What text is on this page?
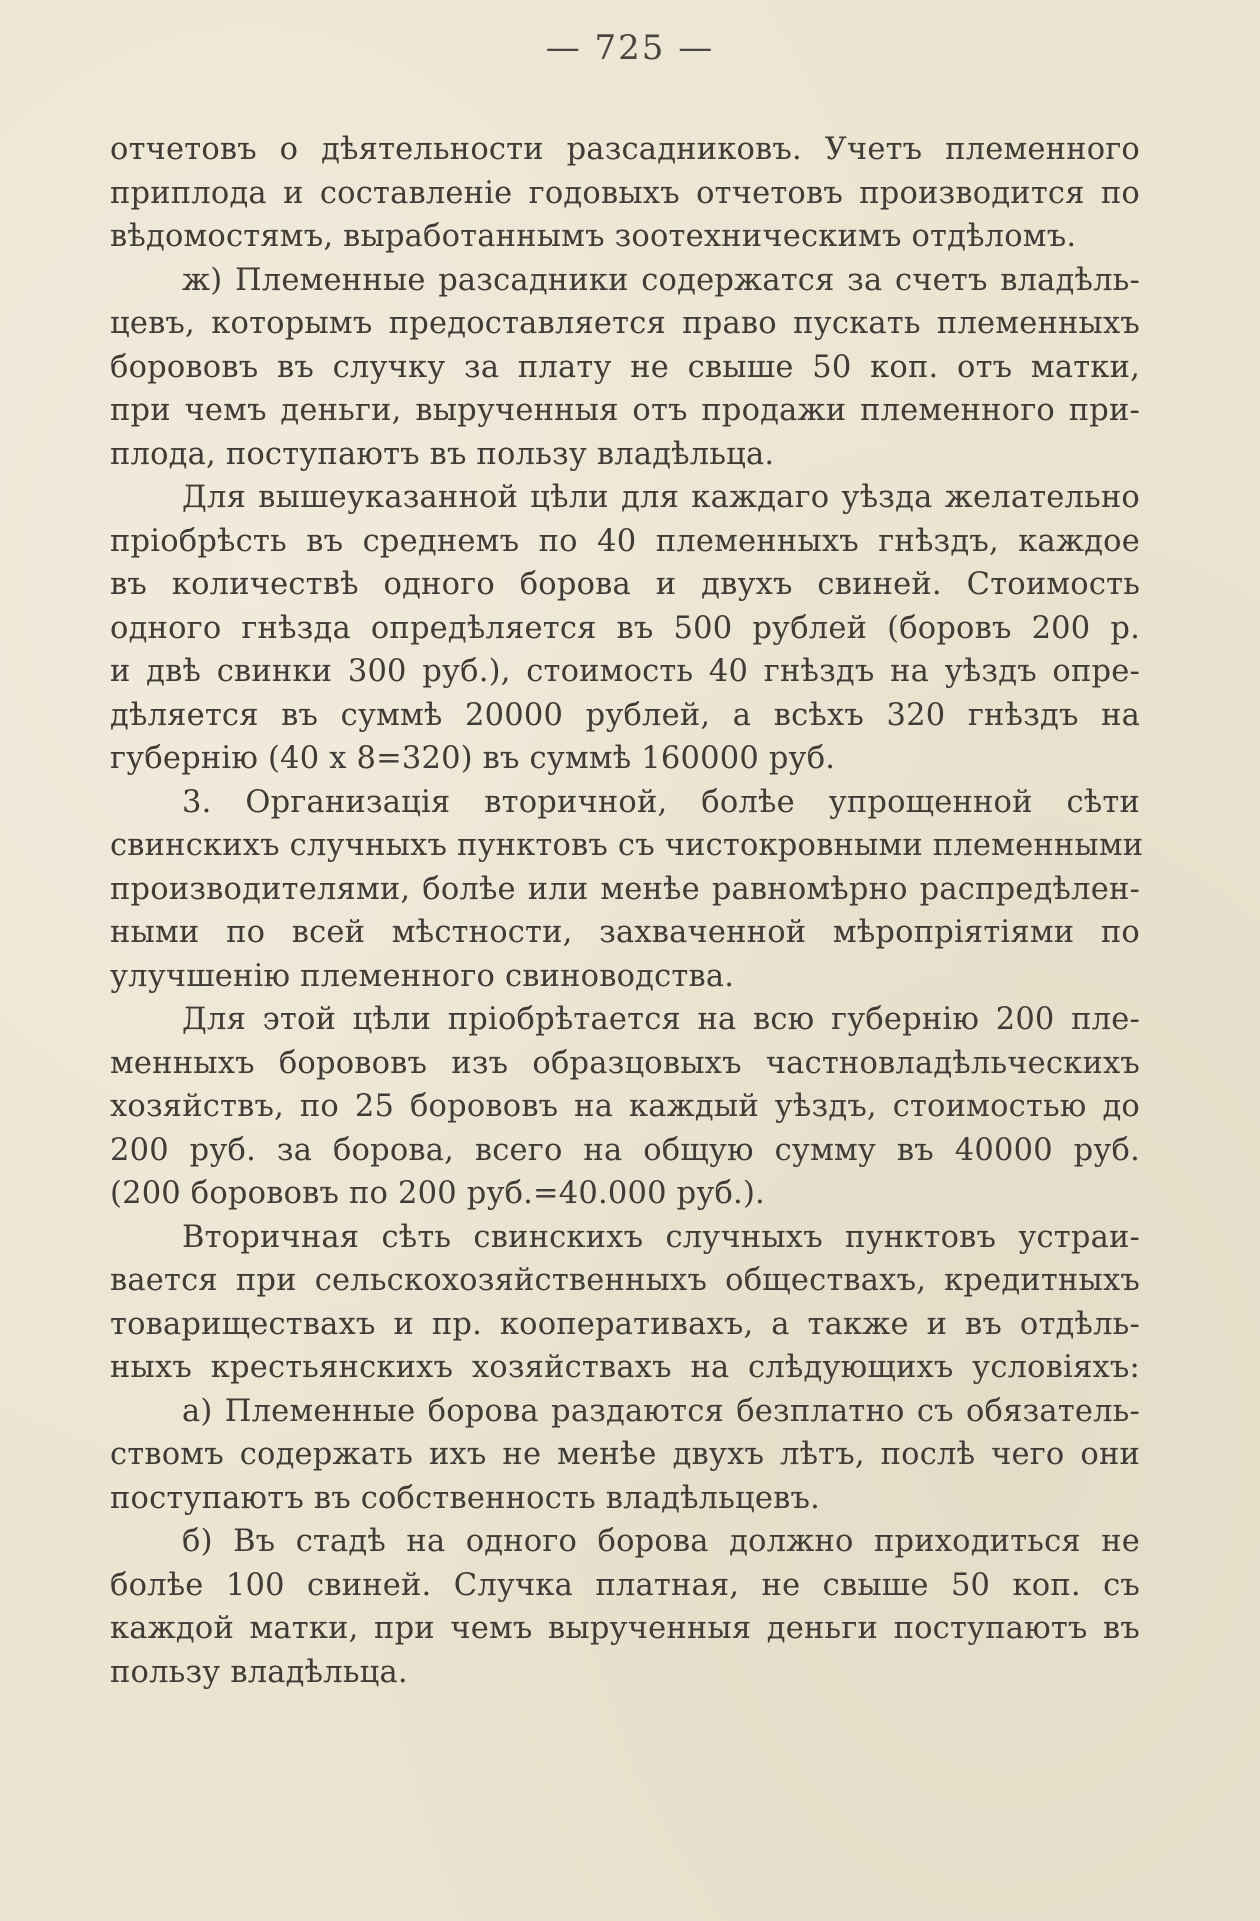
— 725 —
отчетовъ о дѣятельности разсадниковъ. Учетъ племенного
приплода и составленіе годовыхъ отчетовъ производится по
вѣдомостямъ, выработаннымъ зоотехническимъ отдѣломъ.
ж) Племенные разсадники содержатся за счетъ владѣль-
цевъ, которымъ предоставляется право пускать племенныхъ
борововъ въ случку за плату не свыше 50 коп. отъ матки,
при чемъ деньги, вырученныя отъ продажи племенного при-
плода, поступаютъ въ пользу владѣльца.
Для вышеуказанной цѣли для каждаго уѣзда желательно
пріобрѣсть въ среднемъ по 40 племенныхъ гнѣздъ, каждое
въ количествѣ одного борова и двухъ свиней. Стоимость
одного гнѣзда опредѣляется въ 500 рублей (боровъ 200 р.
и двѣ свинки 300 руб.), стоимость 40 гнѣздъ на уѣздъ опре-
дѣляется въ суммѣ 20000 рублей, а всѣхъ 320 гнѣздъ на
губернію (40 х 8=320) въ суммѣ 160000 руб.
3. Организація вторичной, болѣе упрощенной сѣти
свинскихъ случныхъ пунктовъ съ чистокровными племенными
производителями, болѣе или менѣе равномѣрно распредѣлен-
ными по всей мѣстности, захваченной мѣропріятіями по
улучшенію племенного свиноводства.
Для этой цѣли пріобрѣтается на всю губернію 200 пле-
менныхъ борововъ изъ образцовыхъ частновладѣльческихъ
хозяйствъ, по 25 борововъ на каждый уѣздъ, стоимостью до
200 руб. за борова, всего на общую сумму въ 40000 руб.
(200 борововъ по 200 руб.=40.000 руб.).
Вторичная сѣть свинскихъ случныхъ пунктовъ устраи-
вается при сельскохозяйственныхъ обществахъ, кредитныхъ
товариществахъ и пр. кооперативахъ, а также и въ отдѣль-
ныхъ крестьянскихъ хозяйствахъ на слѣдующихъ условіяхъ:
а) Племенные борова раздаются безплатно съ обязатель-
ствомъ содержать ихъ не менѣе двухъ лѣтъ, послѣ чего они
поступаютъ въ собственность владѣльцевъ.
б) Въ стадѣ на одного борова должно приходиться не
болѣе 100 свиней. Случка платная, не свыше 50 коп. съ
каждой матки, при чемъ вырученныя деньги поступаютъ въ
пользу владѣльца.
